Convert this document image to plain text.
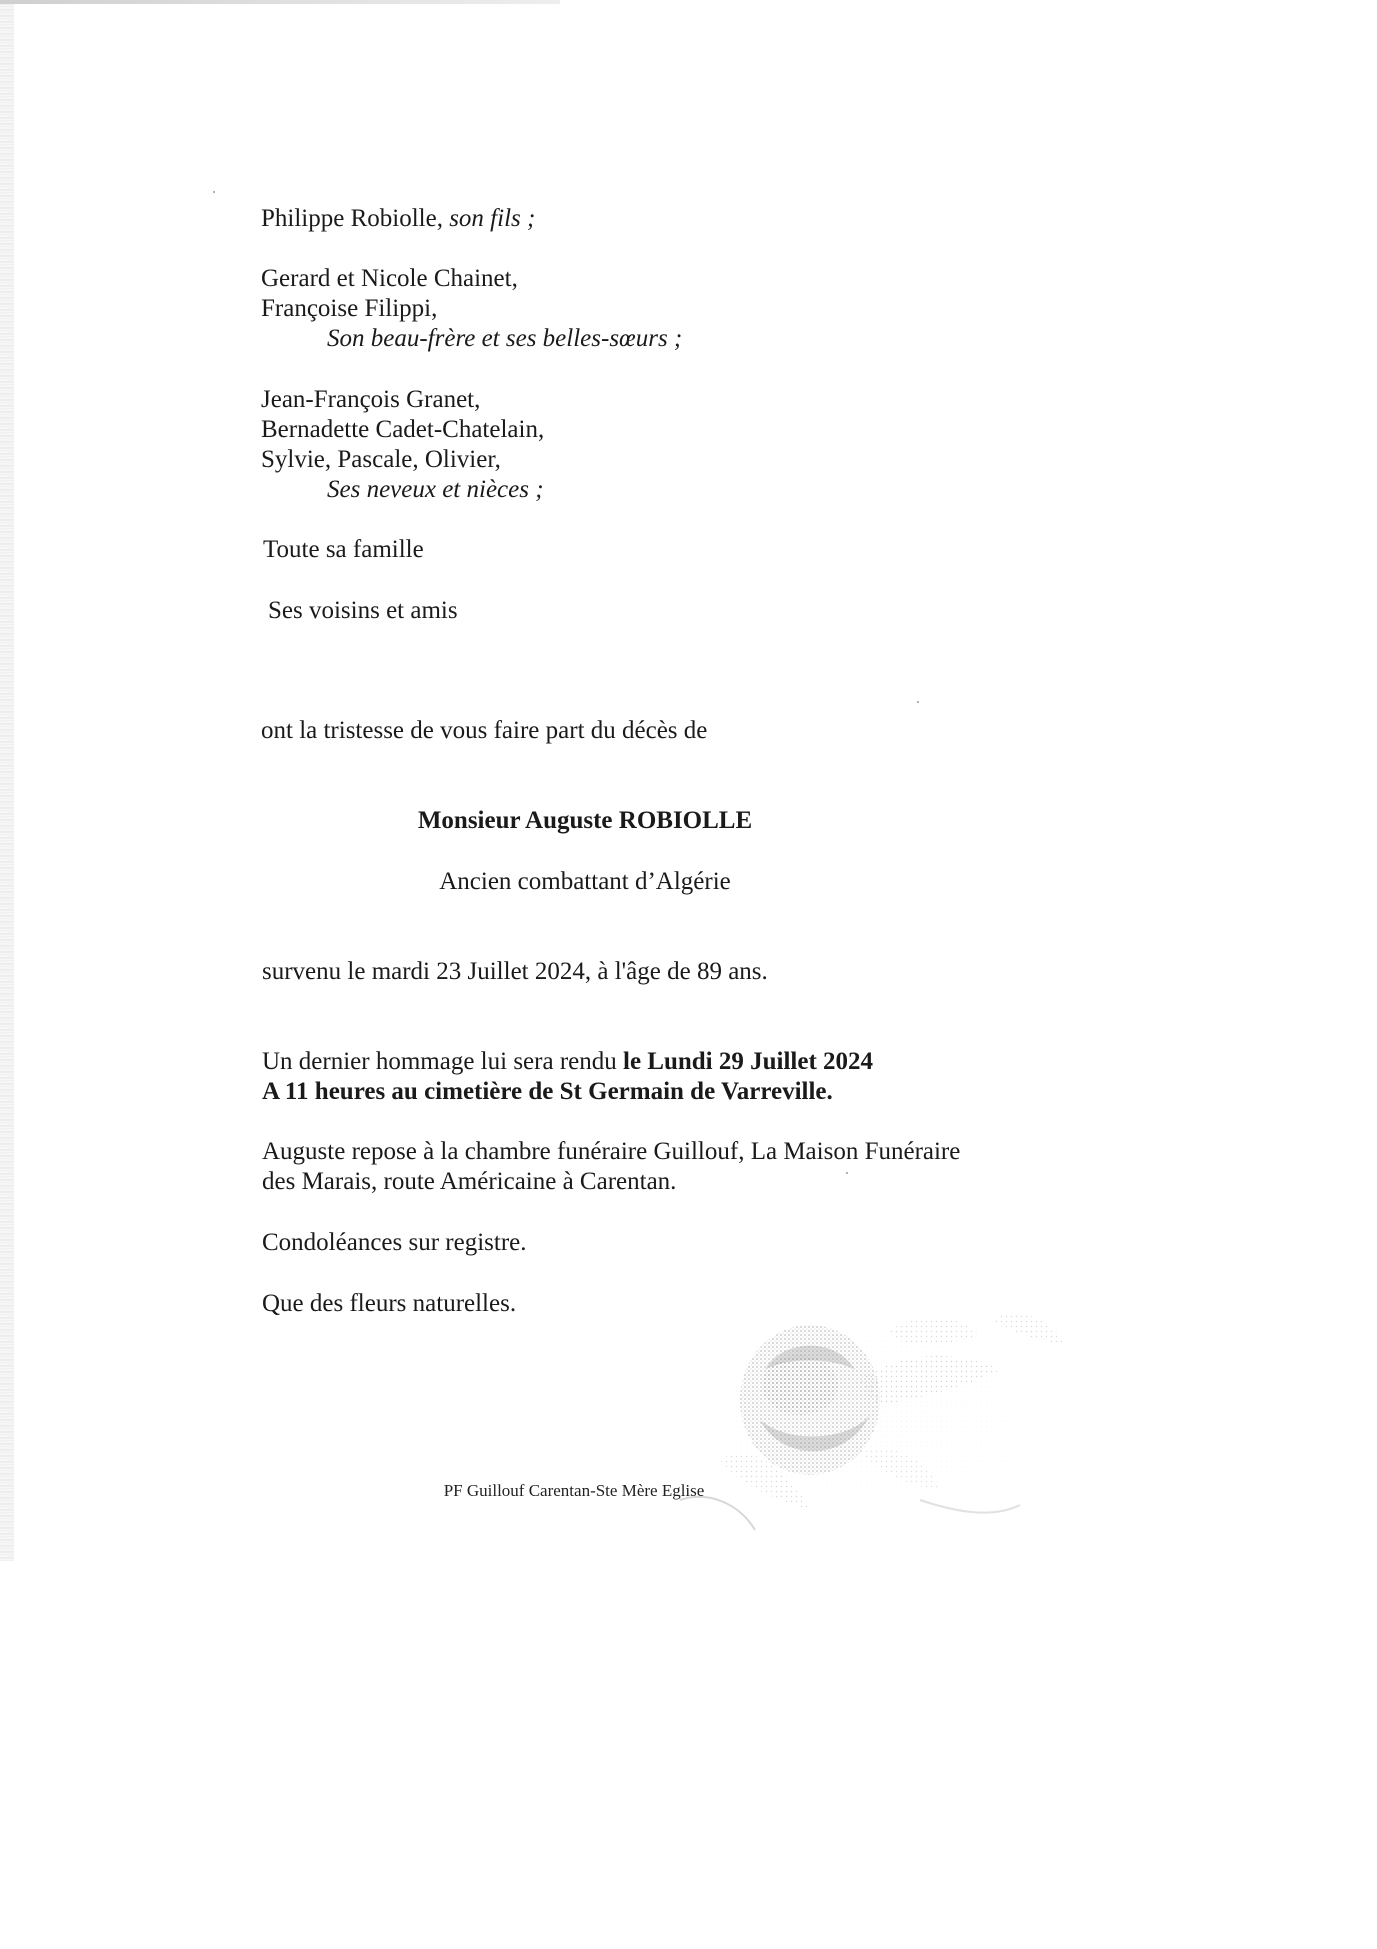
Philippe Robiolle, son fils ;
Gerard et Nicole Chainet,
Françoise Filippi,
Son beau-frère et ses belles-sœurs ;
Jean-François Granet,
Bernadette Cadet-Chatelain,
Sylvie, Pascale, Olivier,
Ses neveux et nièces ;
Toute sa famille
Ses voisins et amis
ont la tristesse de vous faire part du décès de
Monsieur Auguste ROBIOLLE
Ancien combattant d’Algérie
survenu le mardi 23 Juillet 2024, à l'âge de 89 ans.
Un dernier hommage lui sera rendu le Lundi 29 Juillet 2024
A 11 heures au cimetière de St Germain de Varreville.
Auguste repose à la chambre funéraire Guillouf, La Maison Funéraire
des Marais, route Américaine à Carentan.
Condoléances sur registre.
Que des fleurs naturelles.
PF Guillouf Carentan-Ste Mère Eglise
